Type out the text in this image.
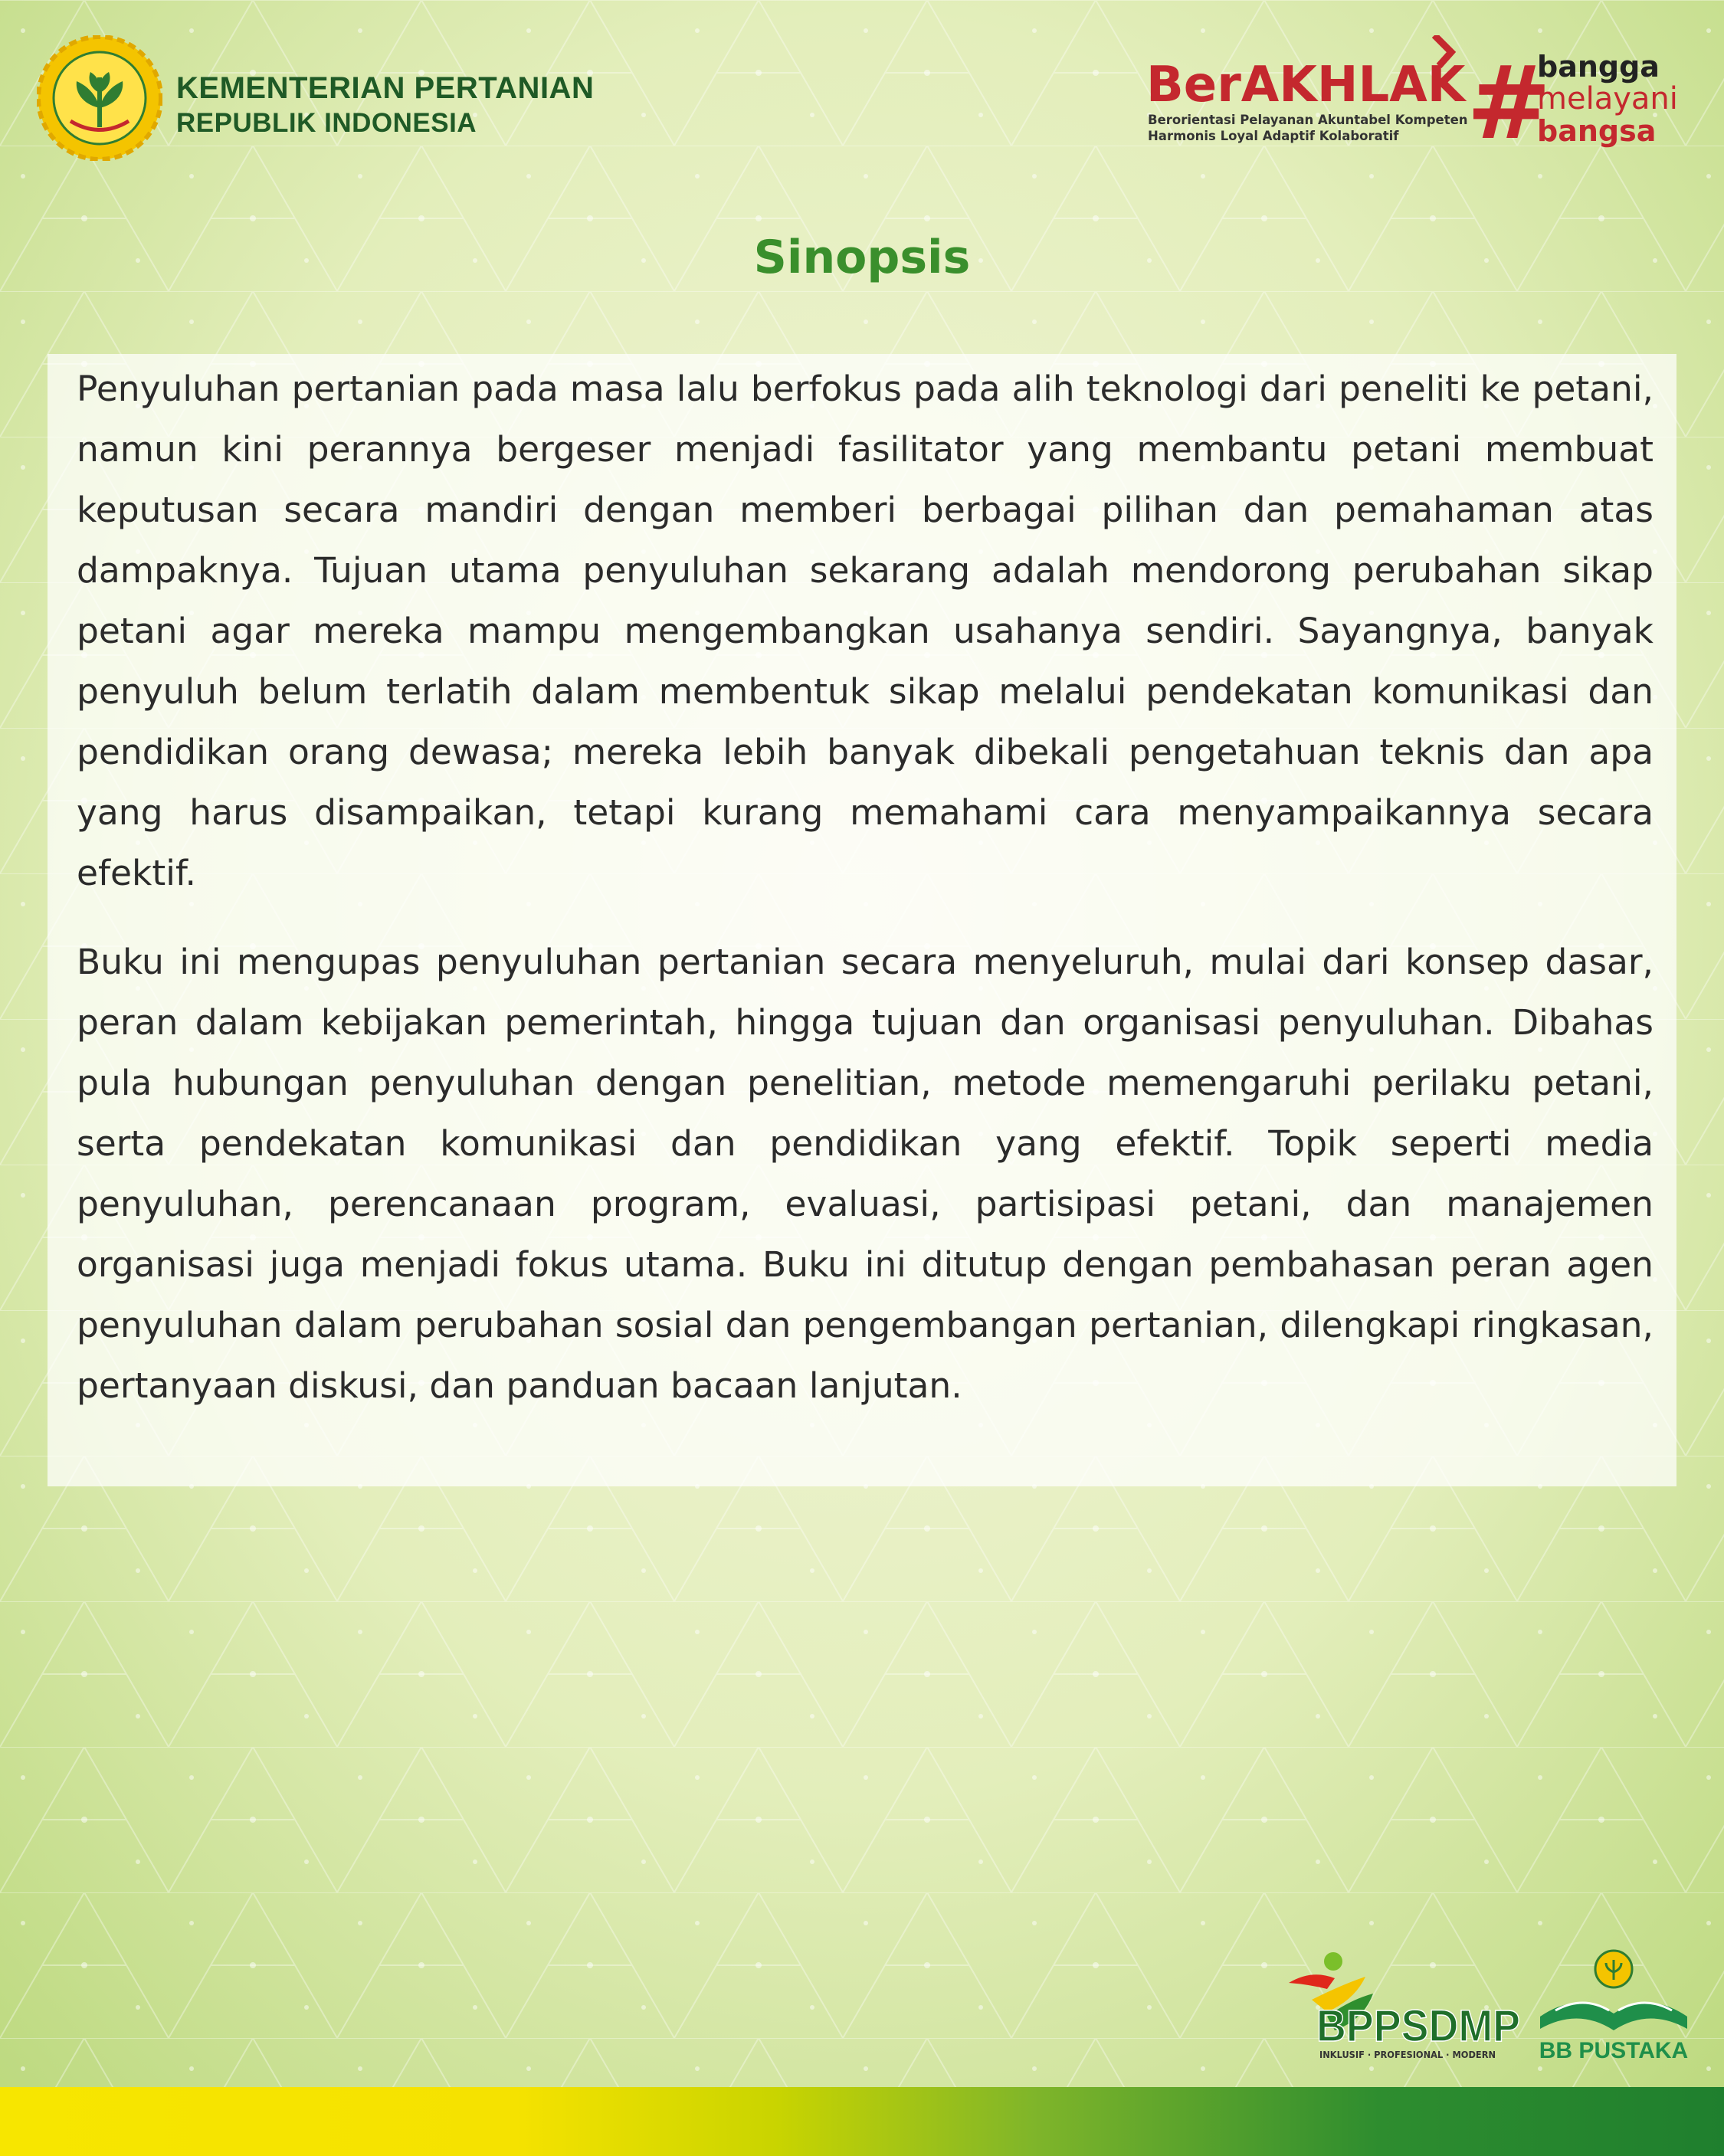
KEMENTERIAN PERTANIAN
REPUBLIK INDONESIA
BerAKHLAK
Berorientasi Pelayanan Akuntabel Kompeten
Harmonis Loyal Adaptif Kolaboratif #
bangga
melayani
bangsa
Sinopsis

Penyuluhan pertanian pada masa lalu berfokus pada alih teknologi dari peneliti ke petani, namun kini perannya bergeser menjadi fasilitator yang membantu petani membuat keputusan secara mandiri dengan memberi berbagai pilihan dan pemahaman atas dampaknya. Tujuan utama penyuluhan sekarang adalah mendorong perubahan sikap petani agar mereka mampu mengembangkan usahanya sendiri. Sayangnya, banyak penyuluh belum terlatih dalam membentuk sikap melalui pendekatan komunikasi dan pendidikan orang dewasa; mereka lebih banyak dibekali pengetahuan teknis dan apa yang harus disampaikan, tetapi kurang memahami cara menyampaikannya secara efektif.

Buku ini mengupas penyuluhan pertanian secara menyeluruh, mulai dari konsep dasar, peran dalam kebijakan pemerintah, hingga tujuan dan organisasi penyuluhan. Dibahas pula hubungan penyuluhan dengan penelitian, metode memengaruhi perilaku petani, serta pendekatan komunikasi dan pendidikan yang efektif. Topik seperti media penyuluhan, perencanaan program, evaluasi, partisipasi petani, dan manajemen organisasi juga menjadi fokus utama. Buku ini ditutup dengan pembahasan peran agen penyuluhan dalam perubahan sosial dan pengembangan pertanian, dilengkapi ringkasan, pertanyaan diskusi, dan panduan bacaan lanjutan.

BPPSDMP
INKLUSIF · PROFESIONAL · MODERN BB PUSTAKA
